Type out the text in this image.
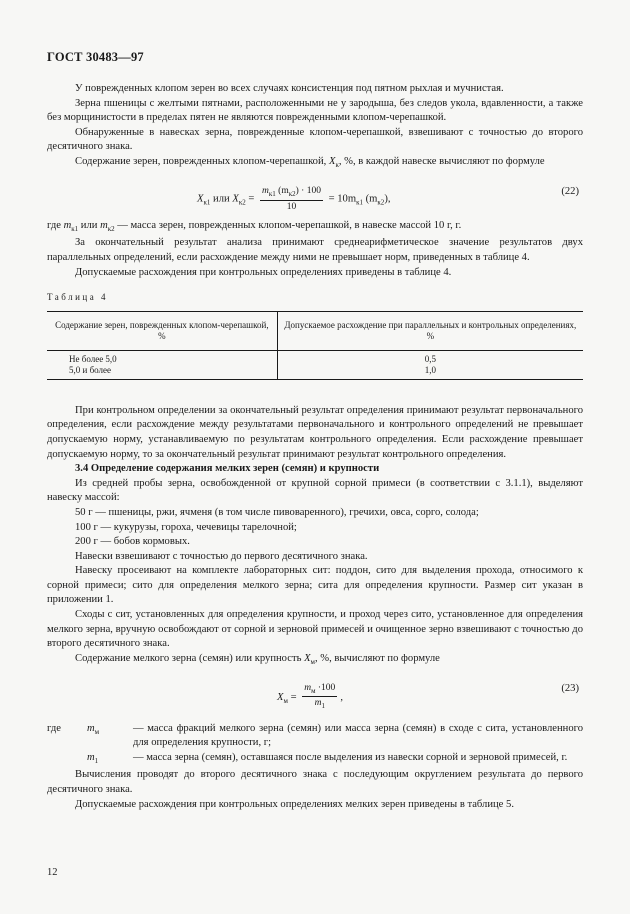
ГОСТ 30483—97

У поврежденных клопом зерен во всех случаях консистенция под пятном рыхлая и мучнистая.

Зерна пшеницы с желтыми пятнами, расположенными не у зародыша, без следов укола, вдавленности, а также без морщинистости в пределах пятен не являются поврежденными клопом-черепашкой.

Обнаруженные в навесках зерна, поврежденные клопом-черепашкой, взвешивают с точностью до второго десятичного знака.

Содержание зерен, поврежденных клопом-черепашкой, $X_к$, %, в каждой навеске вычисляют по формуле

$X_{к1}$ или $X_{к2} = \frac{m_{к1} (m_{к2}) \cdot 100}{10} = 10m_{к1}$ $(m_{к2})$,
(22)

где $m_{к1}$ или $m_{к2}$ — масса зерен, поврежденных клопом-черепашкой, в навеске массой 10 г, г.

За окончательный результат анализа принимают среднеарифметическое значение результатов двух параллельных определений, если расхождение между ними не превышает норм, приведенных в таблице 4.

Допускаемые расхождения при контрольных определениях приведены в таблице 4.

Таблица 4
Содержание зерен, поврежденных клопом-черепашкой, %	Допускаемое расхождение при параллельных и контрольных определениях, %
Не более 5,0	0,5
5,0 и более	1,0

При контрольном определении за окончательный результат определения принимают результат первоначального определения, если расхождение между результатами первоначального и контрольного определений не превышает допускаемую норму, устанавливаемую по результатам контрольного определения. Если расхождение превышает допускаемую норму, то за окончательный результат принимают результат контрольного определения.

3.4 Определение содержания мелких зерен (семян) и крупности

Из средней пробы зерна, освобожденной от крупной сорной примеси (в соответствии с 3.1.1), выделяют навеску массой:

50 г — пшеницы, ржи, ячменя (в том числе пивоваренного), гречихи, овса, сорго, солода;

100 г — кукурузы, гороха, чечевицы тарелочной;

200 г — бобов кормовых.

Навески взвешивают с точностью до первого десятичного знака.

Навеску просеивают на комплекте лабораторных сит: поддон, сито для выделения прохода, относимого к сорной примеси; сито для определения мелкого зерна; сита для определения крупности. Размер сит указан в приложении 1.

Сходы с сит, установленных для определения крупности, и проход через сито, установленное для определения мелкого зерна, вручную освобождают от сорной и зерновой примесей и очищенное зерно взвешивают с точностью до второго десятичного знака.

Содержание мелкого зерна (семян) или крупность $X_м$, %, вычисляют по формуле

$X_м = \frac{m_м \cdot 100}{m_1}$ ,
(23)
где	$m_м$	— масса фракций мелкого зерна (семян) или масса зерна (семян) в сходе с сита, установленного для определения крупности, г;
$m_1$	— масса зерна (семян), оставшаяся после выделения из навески сорной и зерновой примесей, г.

Вычисления проводят до второго десятичного знака с последующим округлением результата до первого десятичного знака.

Допускаемые расхождения при контрольных определениях мелких зерен приведены в таблице 5.

12
